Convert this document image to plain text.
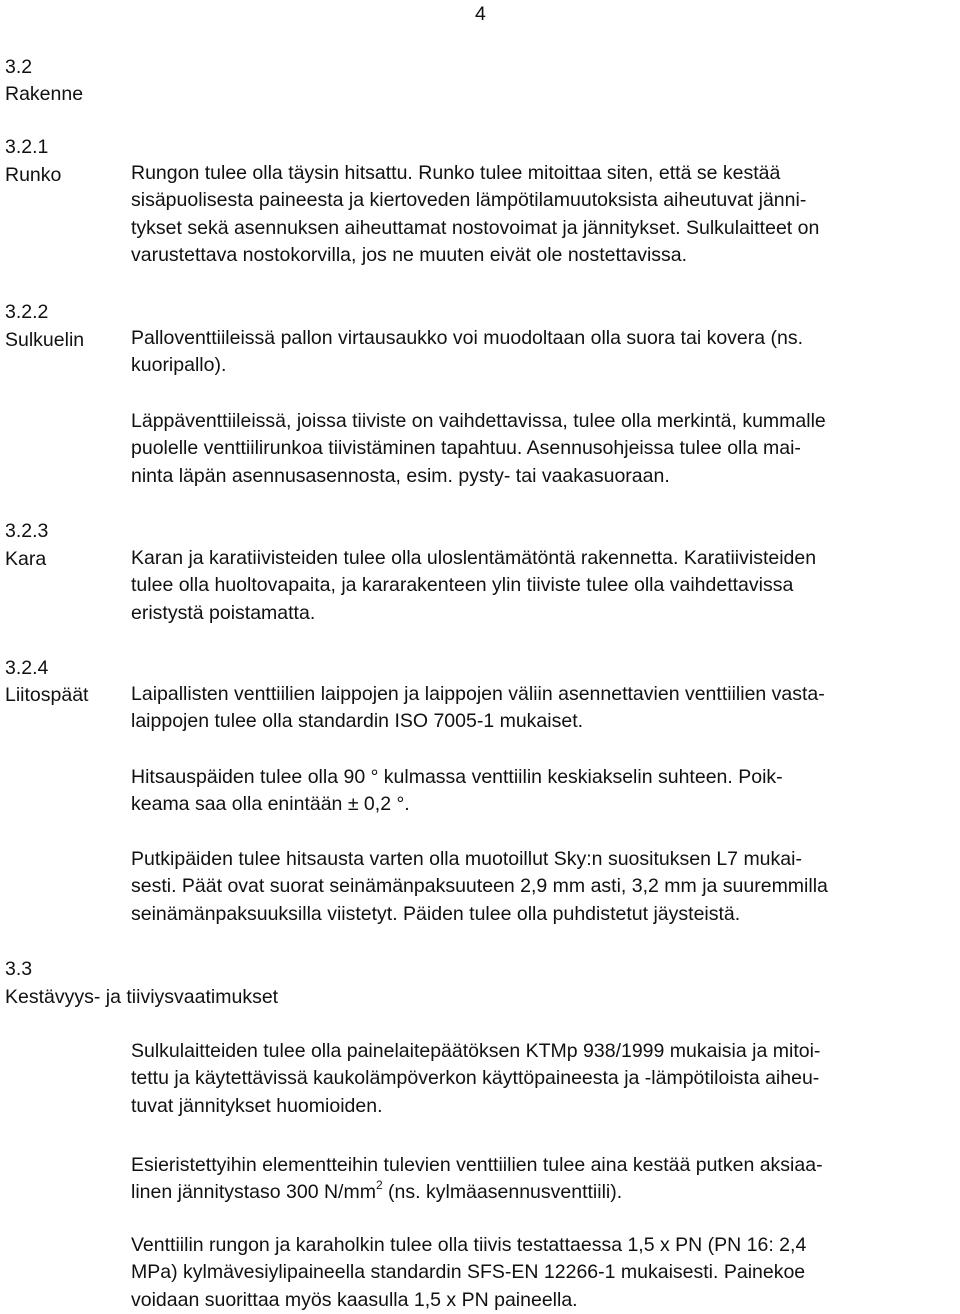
4
3.2
Rakenne
3.2.1
Runko	Rungon tulee olla täysin hitsattu. Runko tulee mitoittaa siten, että se kestää
sisäpuolisesta paineesta ja kiertoveden lämpötilamuutoksista aiheutuvat jänni-
tykset sekä asennuksen aiheuttamat nostovoimat ja jännitykset. Sulkulaitteet on
varustettava nostokorvilla, jos ne muuten eivät ole nostettavissa.
3.2.2
Sulkuelin Palloventtiileissä pallon virtausaukko voi muodoltaan olla suora tai kovera (ns.
kuoripallo).
Läppäventtiileissä, joissa tiiviste on vaihdettavissa, tulee olla merkintä, kummalle
puolelle venttiilirunkoa tiivistäminen tapahtuu. Asennusohjeissa tulee olla mai-
ninta läpän asennusasennosta, esim. pysty- tai vaakasuoraan.
3.2.3
Kara	Karan ja karatiivisteiden tulee olla uloslentämätöntä rakennetta. Karatiivisteiden
tulee olla huoltovapaita, ja kararakenteen ylin tiiviste tulee olla vaihdettavissa
eristystä poistamatta.
3.2.4
Liitospäät Laipallisten venttiilien laippojen ja laippojen väliin asennettavien venttiilien vasta-
laippojen tulee olla standardin ISO 7005-1 mukaiset.
Hitsauspäiden tulee olla 90 ° kulmassa venttiilin keskiakselin suhteen. Poik-
keama saa olla enintään ± 0,2 °.
Putkipäiden tulee hitsausta varten olla muotoillut Sky:n suosituksen L7 mukai-
sesti. Päät ovat suorat seinämänpaksuuteen 2,9 mm asti, 3,2 mm ja suuremmilla
seinämänpaksuuksilla viistetyt. Päiden tulee olla puhdistetut jäysteistä.
3.3
Kestävyys- ja tiiviysvaatimukset
Sulkulaitteiden tulee olla painelaitepäätöksen KTMp 938/1999 mukaisia ja mitoi-
tettu ja käytettävissä kaukolämpöverkon käyttöpaineesta ja -lämpötiloista aiheu-
tuvat jännitykset huomioiden.
Esieristettyihin elementteihin tulevien venttiilien tulee aina kestää putken aksiaa-
linen jännitystaso 300 $N/mm^2$ (ns. kylmäasennusventtiili).
Venttiilin rungon ja karaholkin tulee olla tiivis testattaessa 1,5 x PN (PN 16: 2,4
MPa) kylmävesiylipaineella standardin SFS-EN 12266-1 mukaisesti. Painekoe
voidaan suorittaa myös kaasulla 1,5 x PN paineella.
